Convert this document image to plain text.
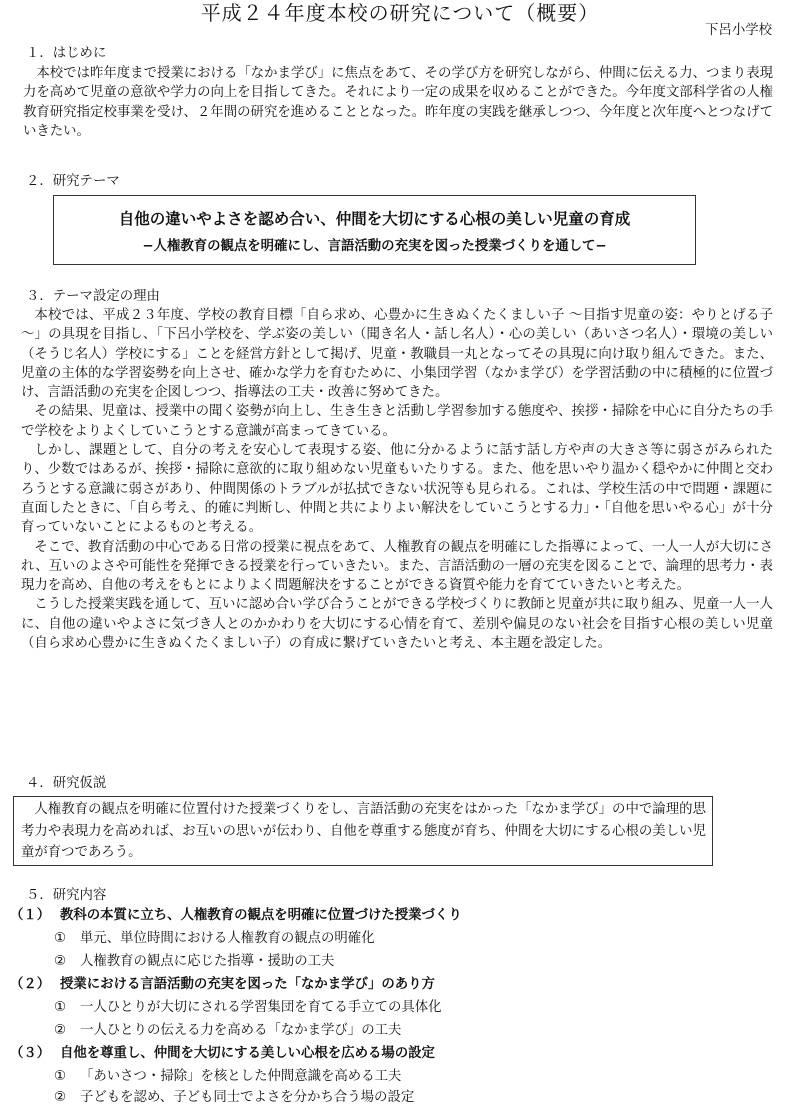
平成２４年度本校の研究について（概要）
下呂小学校
１．はじめに

本校では昨年度まで授業における「なかま学び」に焦点をあて、その学び方を研究しながら、仲間に伝える力、つまり表現力を高めて児童の意欲や学力の向上を目指してきた。それにより一定の成果を収めることができた。今年度文部科学省の人権教育研究指定校事業を受け、２年間の研究を進めることとなった。昨年度の実践を継承しつつ、今年度と次年度へとつなげていきたい。

２．研究テーマ
自他の違いやよさを認め合い、仲間を大切にする心根の美しい児童の育成
−人権教育の観点を明確にし、言語活動の充実を図った授業づくりを通して−
３．テーマ設定の理由

本校では、平成２３年度、学校の教育目標「自ら求め、心豊かに生きぬくたくましい子 〜目指す児童の姿：やりとげる子 〜」の具現を目指し、「下呂小学校を、学ぶ姿の美しい（聞き名人・話し名人）・心の美しい（あいさつ名人）・環境の美しい（そうじ名人）学校にする」ことを経営方針として掲げ、児童・教職員一丸となってその具現に向け取り組んできた。また、児童の主体的な学習姿勢を向上させ、確かな学力を育むために、小集団学習（なかま学び）を学習活動の中に積極的に位置づけ、言語活動の充実を企図しつつ、指導法の工夫・改善に努めてきた。

その結果、児童は、授業中の聞く姿勢が向上し、生き生きと活動し学習参加する態度や、挨拶・掃除を中心に自分たちの手で学校をよりよくしていこうとする意識が高まってきている。

しかし、課題として、自分の考えを安心して表現する姿、他に分かるように話す話し方や声の大きさ等に弱さがみられたり、少数ではあるが、挨拶・掃除に意欲的に取り組めない児童もいたりする。また、他を思いやり温かく穏やかに仲間と交わろうとする意識に弱さがあり、仲間関係のトラブルが払拭できない状況等も見られる。これは、学校生活の中で問題・課題に直面したときに、「自ら考え、的確に判断し、仲間と共によりよい解決をしていこうとする力」・「自他を思いやる心」が十分育っていないことによるものと考える。

そこで、教育活動の中心である日常の授業に視点をあて、人権教育の観点を明確にした指導によって、一人一人が大切にされ、互いのよさや可能性を発揮できる授業を行っていきたい。また、言語活動の一層の充実を図ることで、論理的思考力・表現力を高め、自他の考えをもとによりよく問題解決をすることができる資質や能力を育てていきたいと考えた。

こうした授業実践を通して、互いに認め合い学び合うことができる学校づくりに教師と児童が共に取り組み、児童一人一人に、自他の違いやよさに気づき人とのかかわりを大切にする心情を育て、差別や偏見のない社会を目指す心根の美しい児童（自ら求め心豊かに生きぬくたくましい子）の育成に繋げていきたいと考え、本主題を設定した。

４．研究仮説

人権教育の観点を明確に位置付けた授業づくりをし、言語活動の充実をはかった「なかま学び」の中で論理的思考力や表現力を高めれば、お互いの思いが伝わり、自他を尊重する態度が育ち、仲間を大切にする心根の美しい児童が育つであろう。

５．研究内容
（１） 教科の本質に立ち、人権教育の観点を明確に位置づけた授業づくり
① 単元、単位時間における人権教育の観点の明確化
② 人権教育の観点に応じた指導・援助の工夫
（２） 授業における言語活動の充実を図った「なかま学び」のあり方
① 一人ひとりが大切にされる学習集団を育てる手立ての具体化
② 一人ひとりの伝える力を高める「なかま学び」の工夫
（３） 自他を尊重し、仲間を大切にする美しい心根を広める場の設定
① 「あいさつ・掃除」を核とした仲間意識を高める工夫
② 子どもを認め、子ども同士でよさを分かち合う場の設定
